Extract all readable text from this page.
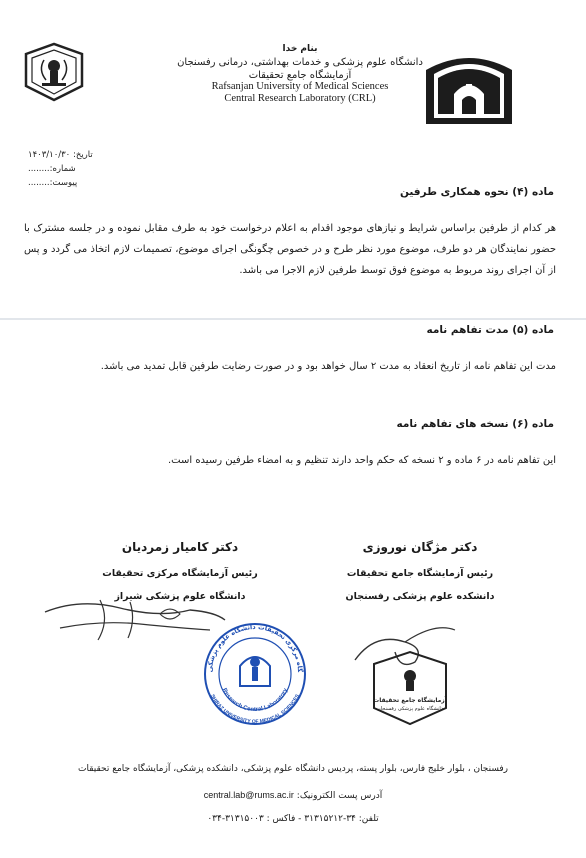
بنام خدا
دانشگاه علوم پزشکی و خدمات بهداشتی، درمانی رفسنجان
آزمایشگاه جامع تحقیقات
Rafsanjan University of Medical Sciences
Central Research Laboratory (CRL)
تاریخ: ۱۴۰۳/۱۰/۳۰
شماره:........
پیوست:........
ماده (۴) نحوه همکاری طرفین
هر کدام از طرفین براساس شرایط و نیازهای موجود اقدام به اعلام درخواست خود به طرف مقابل نموده و در جلسه مشترک با حضور نمایندگان هر دو طرف، موضوع مورد نظر طرح و در خصوص چگونگی اجرای موضوع، تصمیمات لازم اتخاذ می گردد و پس از آن اجرای روند مربوط به موضوع فوق توسط طرفین لازم الاجرا می باشد.
ماده (۵) مدت تفاهم نامه
مدت این تفاهم نامه از تاریخ انعقاد به مدت ۲ سال خواهد بود و در صورت رضایت طرفین قابل تمدید می باشد.
ماده (۶) نسخه های تفاهم نامه
این تفاهم نامه در ۶ ماده و ۲ نسخه که حکم واحد دارند تنظیم و به امضاء طرفین رسیده است.
دکتر مژگان نوروزی
رئیس آزمایشگاه جامع تحقیقات
دانشکده علوم پزشکی رفسنجان
دکتر کامیار زمردیان
رئیس آزمایشگاه مرکزی تحقیقات
دانشگاه علوم پزشکی شیراز
گاه مرکزی تحقیقات دانشگاه علوم پزشکی
Research Central Laboratory
SHIRAZ UNIVERSITY OF MEDICAL SCIENCES
آزمایشگاه جامع تحقیقات
دانشگاه علوم پزشکی رفسنجان
رفسنجان ، بلوار خلیج فارس، بلوار پسته، پردیس دانشگاه علوم پزشکی، دانشکده پزشکی، آزمایشگاه جامع تحقیقات
آدرس پست الکترونیک: central.lab@rums.ac.ir
تلفن: ۳۴-۳۱۳۱۵۲۱۲ - فاکس : ۳۱۳۱۵۰۰۳-۰۳۴
